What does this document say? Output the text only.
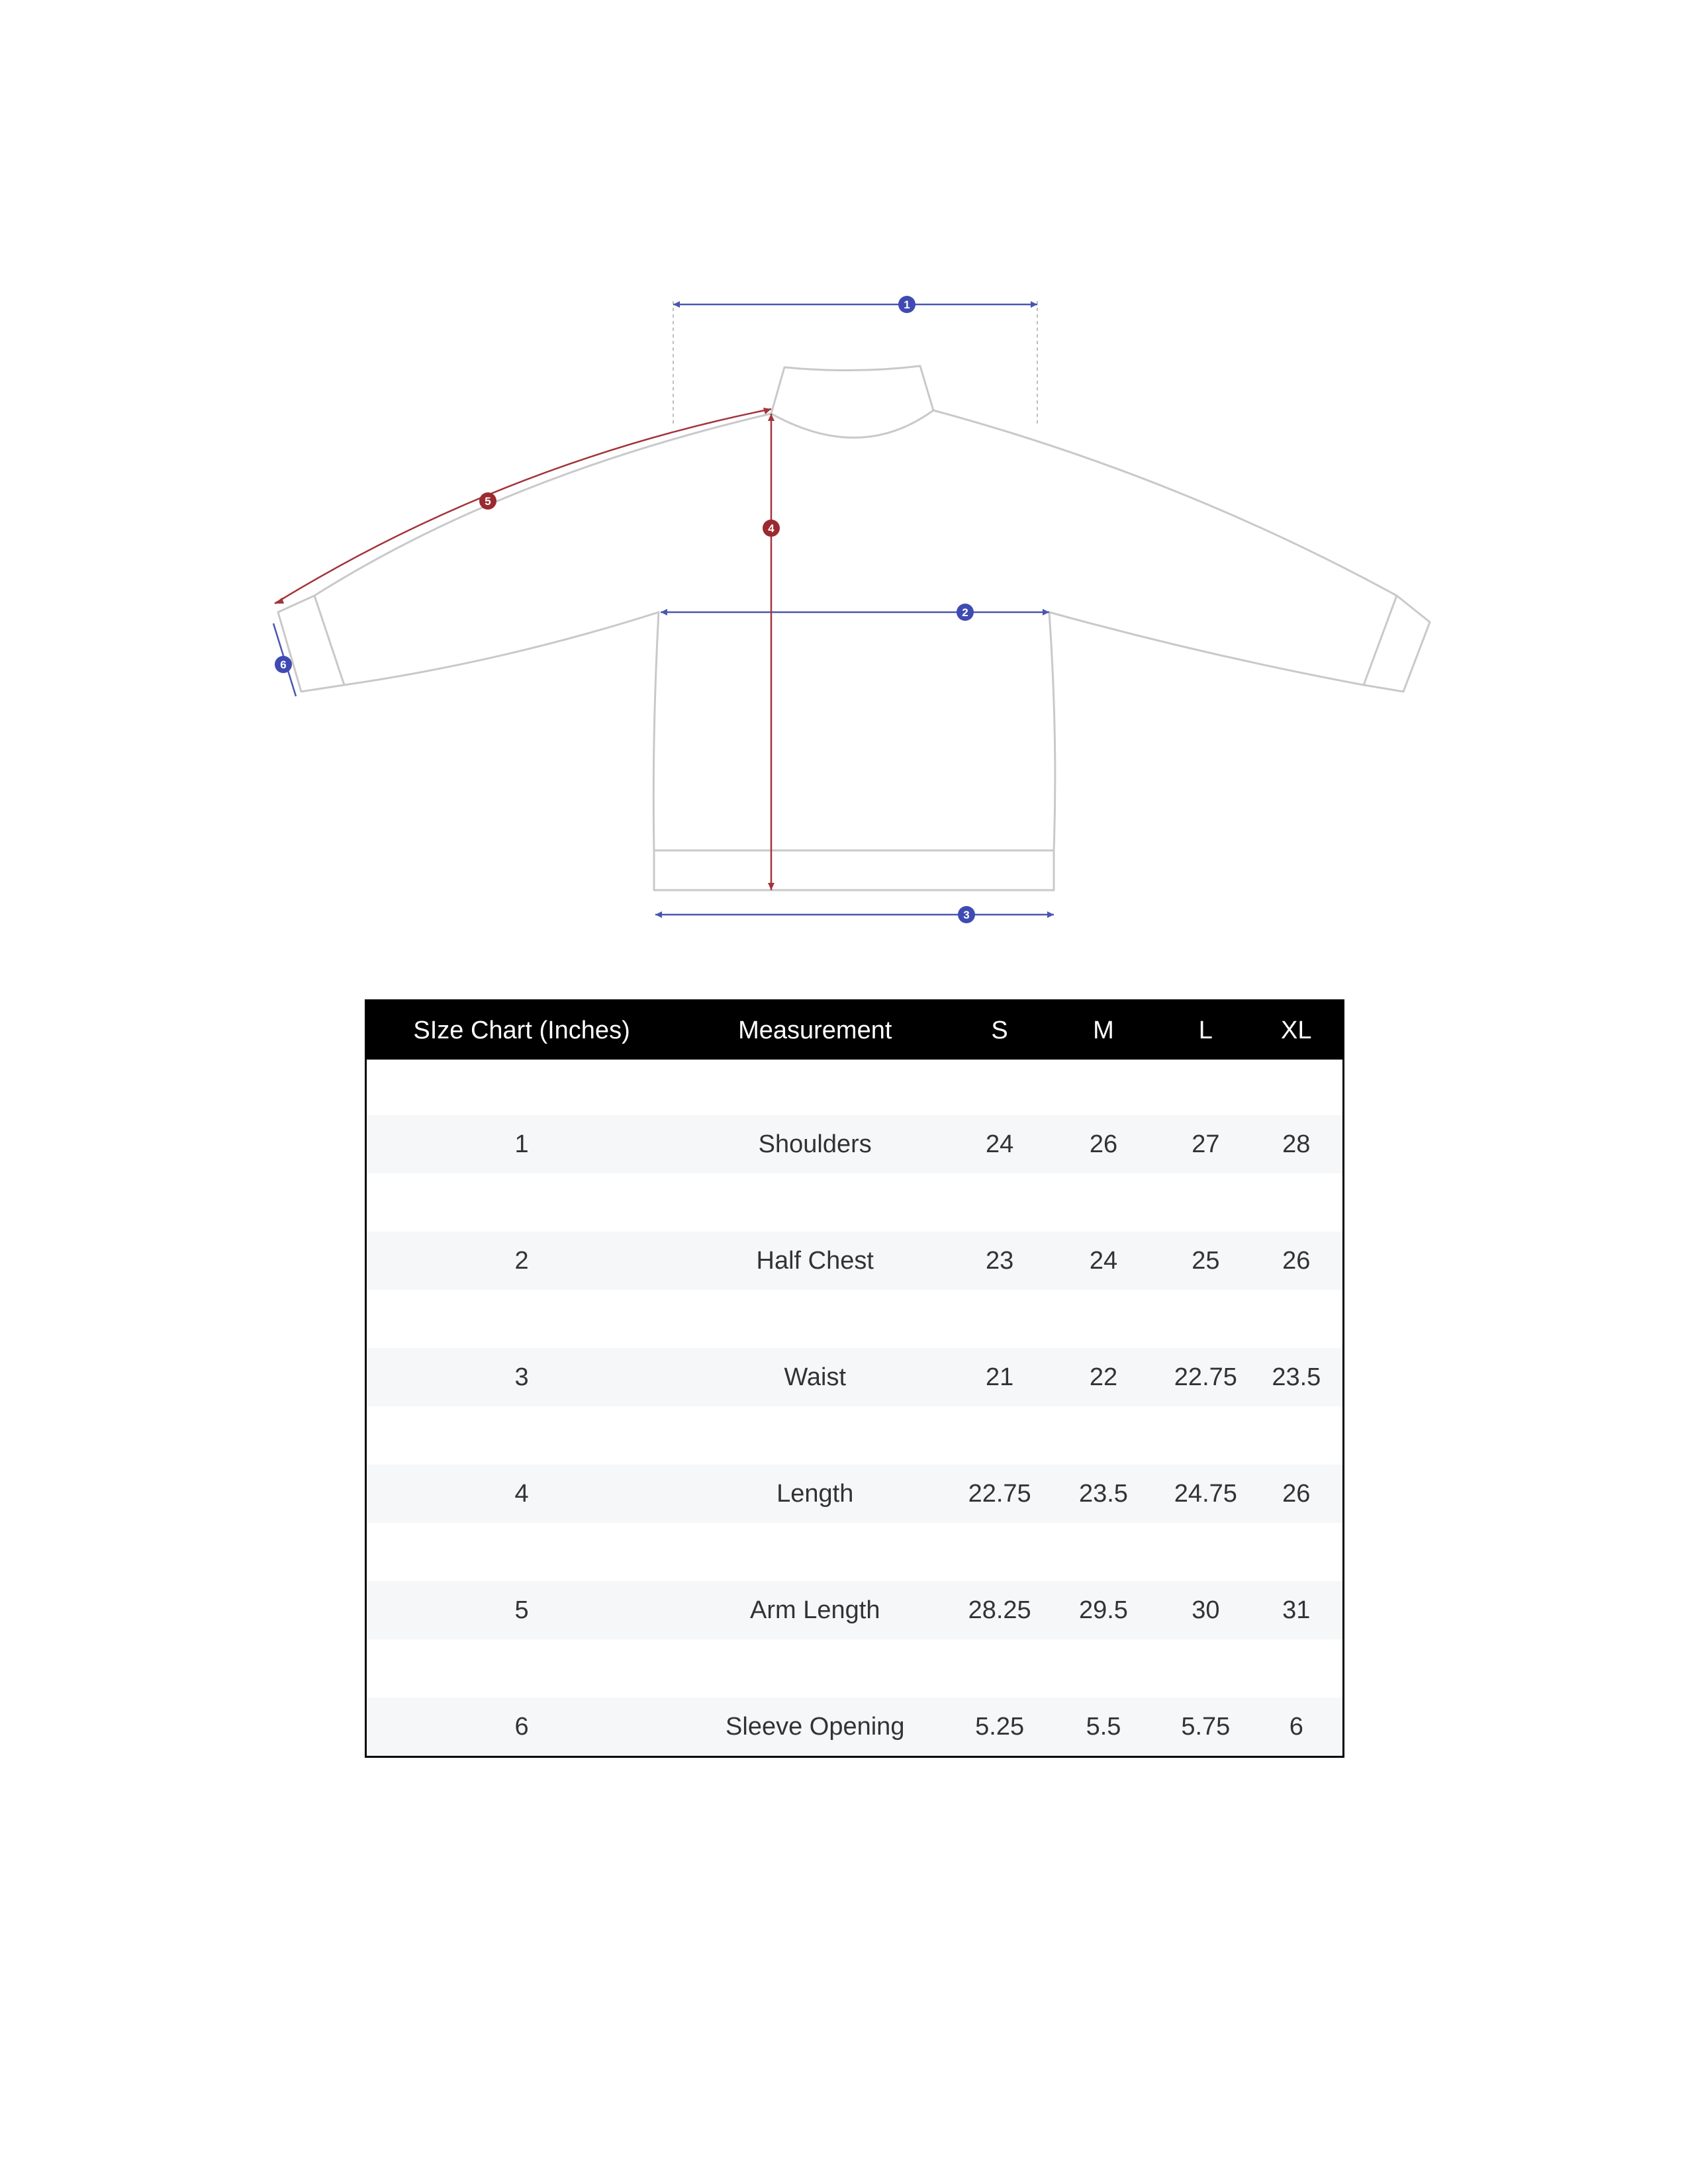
1
2
3
4
5
6
SIze Chart (Inches)	Measurement	S	M	L	XL
1	Shoulders	24	26	27	28
2	Half Chest	23	24	25	26
3	Waist	21	22	22.75	23.5
4	Length	22.75	23.5	24.75	26
5	Arm Length	28.25	29.5	30	31
6	Sleeve Opening	5.25	5.5	5.75	6
